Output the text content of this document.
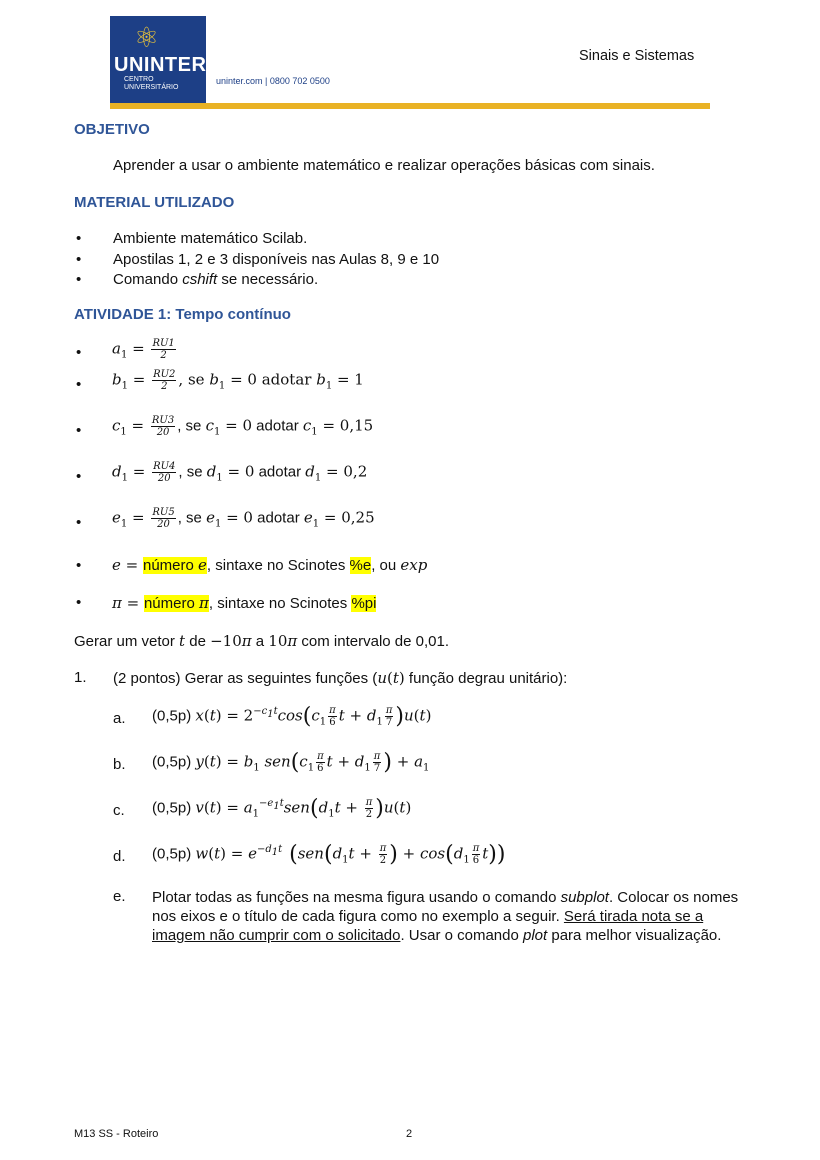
⚛
UNINTER
CENTRO
UNIVERSITÁRIO
uninter.com | 0800 702 0500
Sinais e Sistemas
OBJETIVO
Aprender a usar o ambiente matemático e realizar operações básicas com sinais.
MATERIAL UTILIZADO
• Ambiente matemático Scilab.
• Apostilas 1, 2 e 3 disponíveis nas Aulas 8, 9 e 10
• Comando cshift se necessário.
ATIVIDADE 1: Tempo contínuo
• $a_1 = \frac{RU1}{2}$
• $b_1 = \frac{RU2}{2}$ , se $b_1 = 0$ adotar $b_1 = 1$
• $c_1 = \frac{RU3}{20}$ , se $c_1 = 0$ adotar $c_1 = 0,15$
• $d_1 = \frac{RU4}{20}$ , se $d_1 = 0$ adotar $d_1 = 0,2$
• $e_1 = \frac{RU5}{20}$ , se $e_1 = 0$ adotar $e_1 = 0,25$
• e = número e, sintaxe no Scinotes %e, ou exp
• π = número π, sintaxe no Scinotes %pi
Gerar um vetor t de −10π a 10π com intervalo de 0,01.
1. (2 pontos) Gerar as seguintes funções (u(t) função degrau unitário):
a. (0,5p) $x(t) = 2^{-c_1t}\cos(c_1 \frac{\pi}{6}$ $t + d_1 \frac{\pi}{7} )u(t)$
b. (0,5p) $y(t) = b_1$ $sen(c_1 \frac{\pi}{6}$ $t + d_1 \frac{\pi}{7}$ ) + $a_1$
c. (0,5p) $v(t) = a_1^{-e_1t}sen(d_1t + \frac{\pi}{2} )u(t)$
d. (0,5p) $w(t) = e^{-d_1t}$ ($sen(d_1t + \frac{\pi}{2}$ ) + $\cos(d_1 \frac{\pi}{6} t)$)
e. Plotar todas as funções na mesma figura usando o comando subplot. Colocar os nomes nos eixos e o título de cada figura como no exemplo a seguir. Será tirada nota se a imagem não cumprir com o solicitado. Usar o comando plot para melhor visualização.
M13 SS - Roteiro	2
